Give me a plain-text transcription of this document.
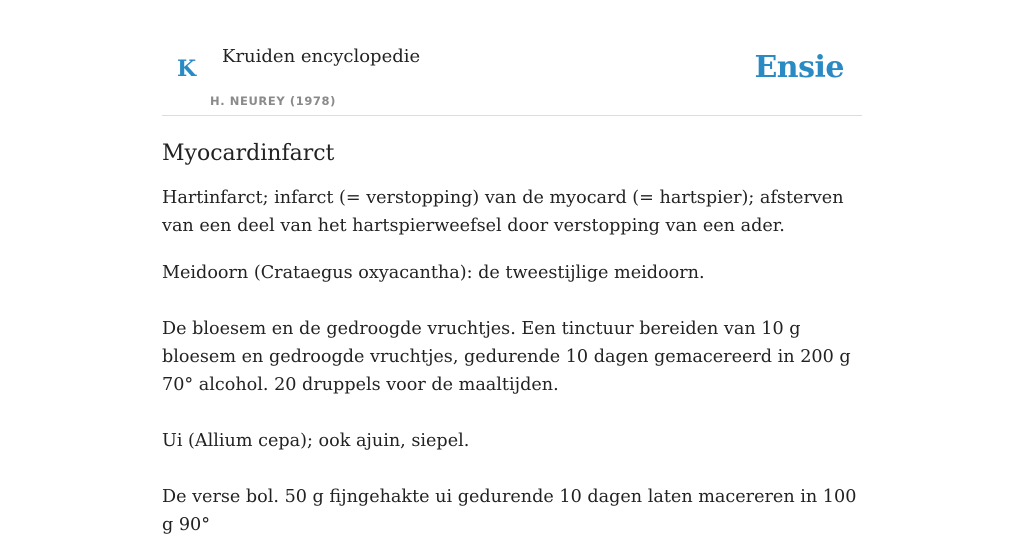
K Kruiden encyclopedie
H. NEUREY (1978)
Ensie
Myocardinfarct

Hartinfarct; infarct (= verstopping) van de myocard (= hartspier); afsterven van een deel van het hartspierweefsel door verstopping van een ader.

Meidoorn (Crataegus oxyacantha): de tweestijlige meidoorn.

De bloesem en de gedroogde vruchtjes. Een tinctuur bereiden van 10 g bloesem en gedroogde vruchtjes, gedurende 10 dagen gemacereerd in 200 g 70° alcohol. 20 druppels voor de maaltijden.

Ui (Allium cepa); ook ajuin, siepel.

De verse bol. 50 g fijngehakte ui gedurende 10 dagen laten macereren in 100 g 90°
